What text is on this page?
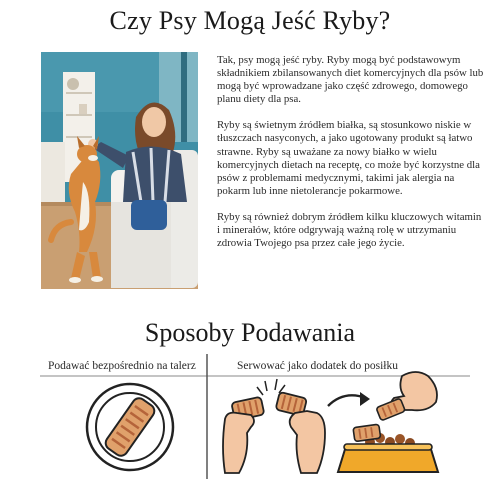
Czy Psy Mogą Jeść Ryby?

Tak, psy mogą jeść ryby. Ryby mogą być podstawowym składnikiem zbilansowanych diet komercyjnych dla psów lub mogą być wprowadzane jako część zdrowego, domowego planu diety dla psa.

Ryby są świetnym źródłem białka, są stosunkowo niskie w tłuszczach nasyconych, a jako ugotowany produkt są łatwo strawne. Ryby są uważane za nowy białko w wielu komercyjnych dietach na receptę, co może być korzystne dla psów z problemami medycznymi, takimi jak alergia na pokarm lub inne nietolerancje pokarmowe.

Ryby są również dobrym źródłem kilku kluczowych witamin i minerałów, które odgrywają ważną rolę w utrzymaniu zdrowia Twojego psa przez całe jego życie.

Sposoby Podawania
Podawać bezpośrednio na talerz	Serwować jako dodatek do posiłku
